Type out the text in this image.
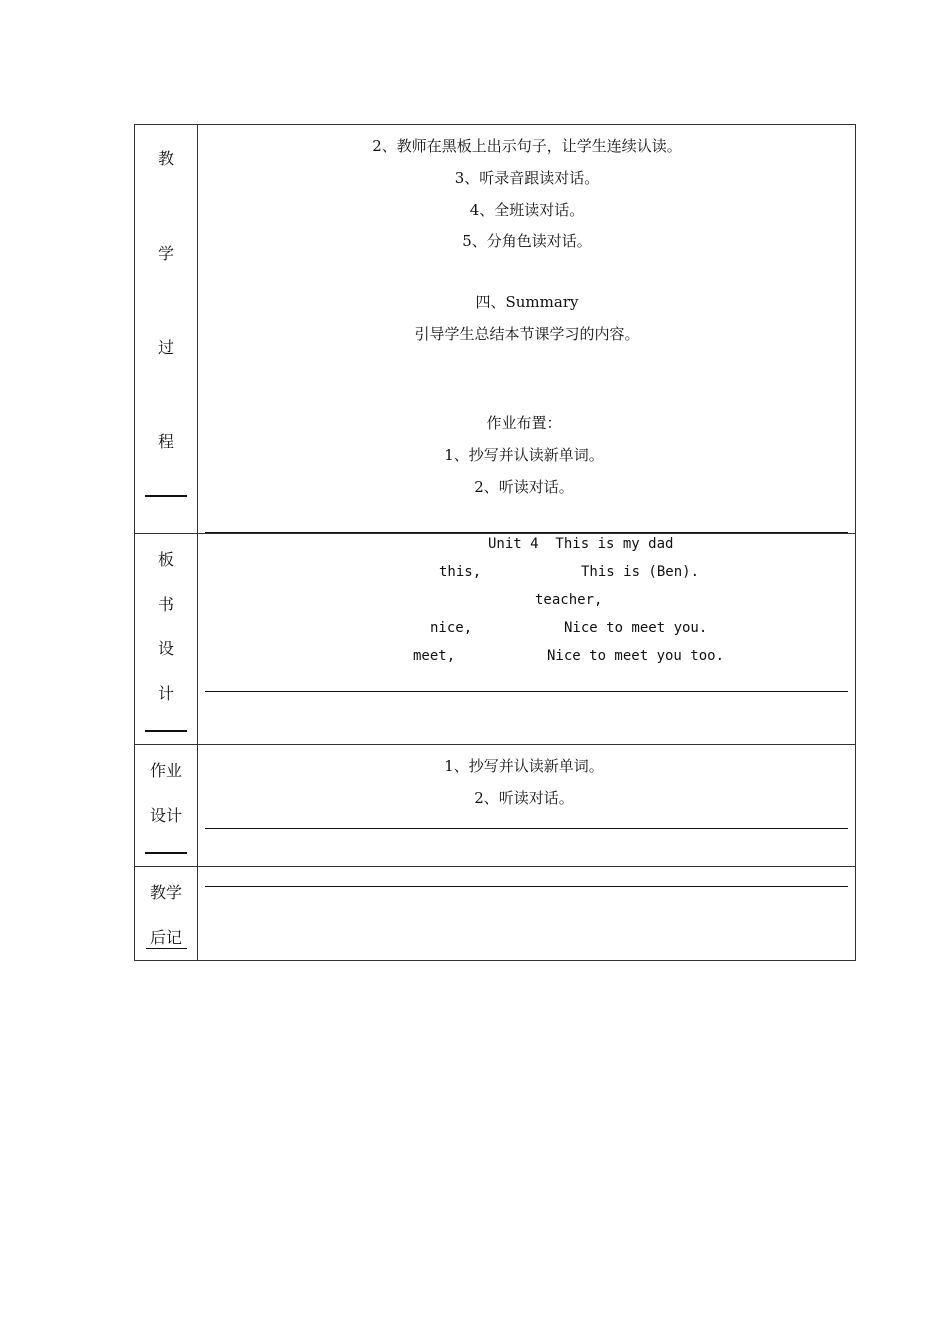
教
学
过
程
2、教师在黑板上出示句子，让学生连续认读。
3、听录音跟读对话。
4、全班读对话。
5、分角色读对话。
四、Summary
引导学生总结本节课学习的内容。
作业布置：
1、抄写并认读新单词。
2、听读对话。
板
书
设
计
Unit 4  This is my dad
this,	This is (Ben).
teacher,
nice,	Nice to meet you.
meet,	Nice to meet you too.
作业
设计
1、抄写并认读新单词。
2、听读对话。
教学
后记
